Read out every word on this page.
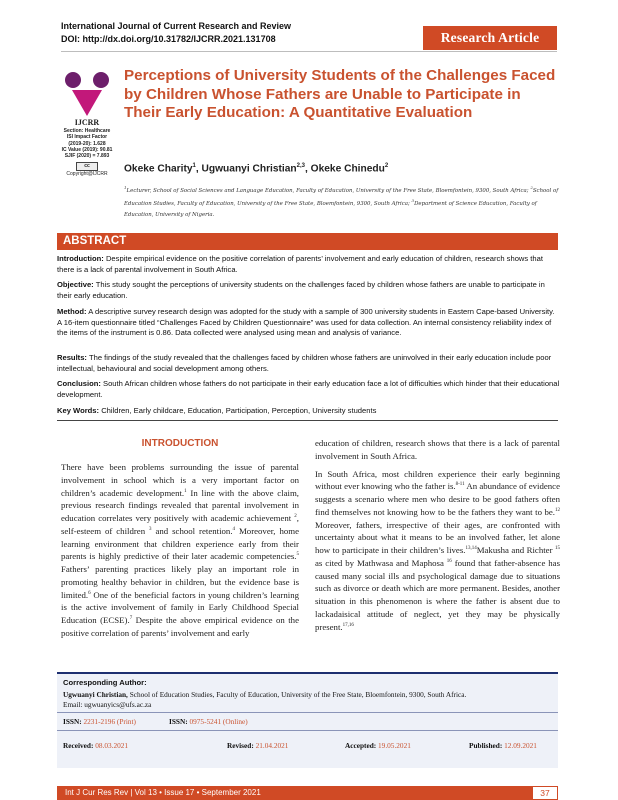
International Journal of Current Research and Review
DOI: http://dx.doi.org/10.31782/IJCRR.2021.131708	Research Article
IJCRR
Section: Healthcare
ISI Impact Factor
(2019-20): 1.628
IC Value (2019): 90.81
SJIF (2020) = 7.893
cc
Copyright@IJCRR
Perceptions of University Students of the Challenges Faced by Children Whose Fathers are Unable to Participate in Their Early Education: A Quantitative Evaluation
Okeke Charity$^1$, Ugwuanyi Christian$^{2,3}$, Okeke Chinedu$^2$
$^1$Lecturer, School of Social Sciences and Language Education, Faculty of Education, University of the Free State, Bloemfontein, 9300, South Africa; $^2$School of Education Studies, Faculty of Education, University of the Free State, Bloemfontein, 9300, South Africa; $^3$Department of Science Education, Faculty of Education, University of Nigeria.
ABSTRACT
Introduction: Despite empirical evidence on the positive correlation of parents’ involvement and early education of children, research shows that there is a lack of parental involvement in South Africa.
Objective: This study sought the perceptions of university students on the challenges faced by children whose fathers are unable to participate in their early education.
Method: A descriptive survey research design was adopted for the study with a sample of 300 university students in Eastern Cape-based University. A 16-item questionnaire titled “Challenges Faced by Children Questionnaire” was used for data collection. An internal consistency reliability index of the items of the instrument is 0.86. Data collected were analysed using mean and analysis of variance.
Results: The findings of the study revealed that the challenges faced by children whose fathers are uninvolved in their early education include poor intellectual, behavioural and social development among others.
Conclusion: South African children whose fathers do not participate in their early education face a lot of difficulties which hinder that their educational development.
Key Words: Children, Early childcare, Education, Participation, Perception, University students
INTRODUCTION

There have been problems surrounding the issue of parental involvement in school which is a very important factor on children’s academic development.$^1$ In line with the above claim, previous research findings revealed that parental involvement in education correlates very positively with academic achievement $^2$, self-esteem of children $^3$ and school retention.$^4$ Moreover, home learning environment that children experience early from their parents is highly predictive of their later academic competencies.$^5$ Fathers’ parenting practices likely play an important role in promoting healthy behavior in children, but the evidence base is limited.$^6$ One of the beneficial factors in young children’s learning is the active involvement of family in Early Childhood Special Education (ECSE).$^7$ Despite the above empirical evidence on the positive correlation of parents’ involvement and early

education of children, research shows that there is a lack of parental involvement in South Africa.

In South Africa, most children experience their early beginning without ever knowing who the father is.$^{8-11}$ An abundance of evidence suggests a scenario where men who desire to be good fathers often find themselves not knowing how to be the fathers they want to be.$^{12}$ Moreover, fathers, irrespective of their ages, are confronted with uncertainty about what it means to be an involved father, let alone how to participate in their children’s lives.$^{13,14}$Makusha and Richter $^{15}$ as cited by Mathwasa and Maphosa $^{16}$ found that father-absence has caused many social ills and psychological damage due to situations such as divorce or death which are more permanent. Besides, another situation in this phenomenon is where the father is absent due to lackadaisical attitude of neglect, yet they may be physically present.$^{17,16}$

Corresponding Author:
Ugwuanyi Christian, School of Education Studies, Faculty of Education, University of the Free State, Bloemfontein, 9300, South Africa.
Email: ugwuanyics@ufs.ac.za
ISSN: 2231-2196 (Print)	ISSN: 0975-5241 (Online)
Received: 08.03.2021	Revised: 21.04.2021	Accepted: 19.05.2021	Published: 12.09.2021
Int J Cur Res Rev | Vol 13 • Issue 17 • September 2021	37
